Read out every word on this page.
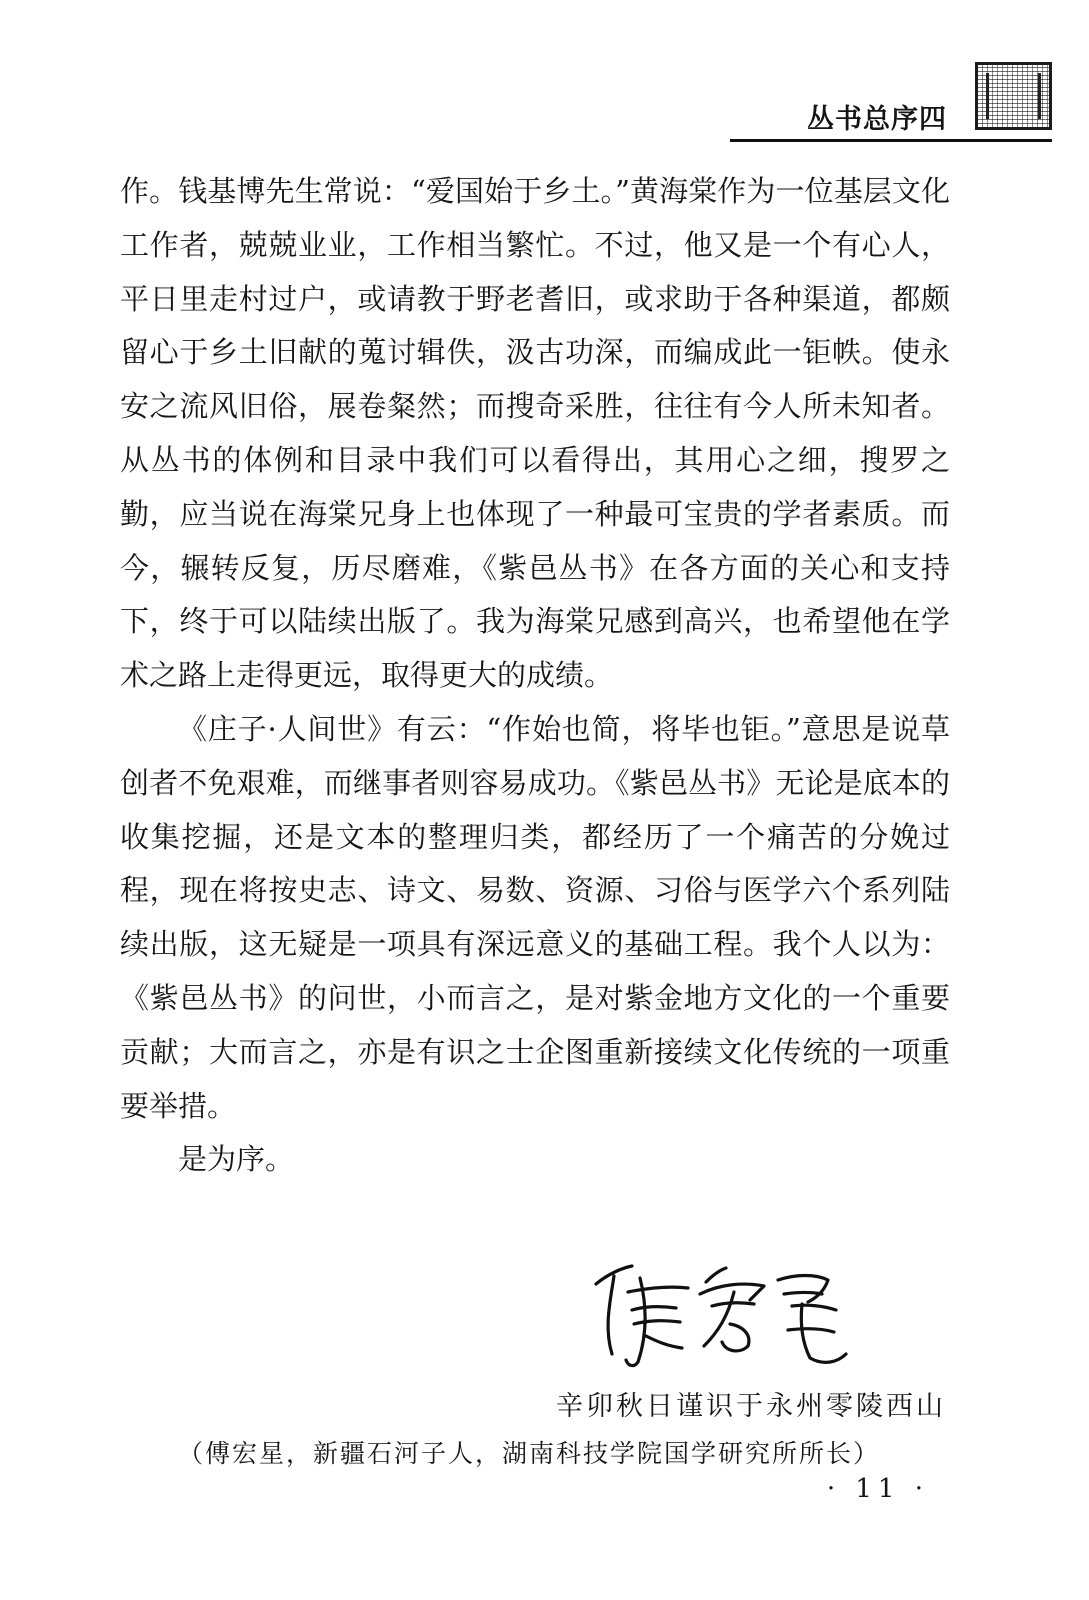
丛书总序四

作。钱基博先生常说：“爱国始于乡土。”黄海棠作为一位基层文化工作者，兢兢业业，工作相当繁忙。不过，他又是一个有心人，平日里走村过户，或请教于野老耆旧，或求助于各种渠道，都颇留心于乡土旧献的蒐讨辑佚，汲古功深，而编成此一钜帙。使永安之流风旧俗，展卷粲然；而搜奇采胜，往往有今人所未知者。从丛书的体例和目录中我们可以看得出，其用心之细，搜罗之勤，应当说在海棠兄身上也体现了一种最可宝贵的学者素质。而今，辗转反复，历尽磨难，《紫邑丛书》在各方面的关心和支持下，终于可以陆续出版了。我为海棠兄感到高兴，也希望他在学术之路上走得更远，取得更大的成绩。

《庄子·人间世》有云：“作始也简，将毕也钜。”意思是说草创者不免艰难，而继事者则容易成功。《紫邑丛书》无论是底本的收集挖掘，还是文本的整理归类，都经历了一个痛苦的分娩过程，现在将按史志、诗文、易数、资源、习俗与医学六个系列陆续出版，这无疑是一项具有深远意义的基础工程。我个人以为：《紫邑丛书》的问世，小而言之，是对紫金地方文化的一个重要贡献；大而言之，亦是有识之士企图重新接续文化传统的一项重要举措。

是为序。

辛卯秋日谨识于永州零陵西山
（傅宏星，新疆石河子人，湖南科技学院国学研究所所长）
· 11 ·
